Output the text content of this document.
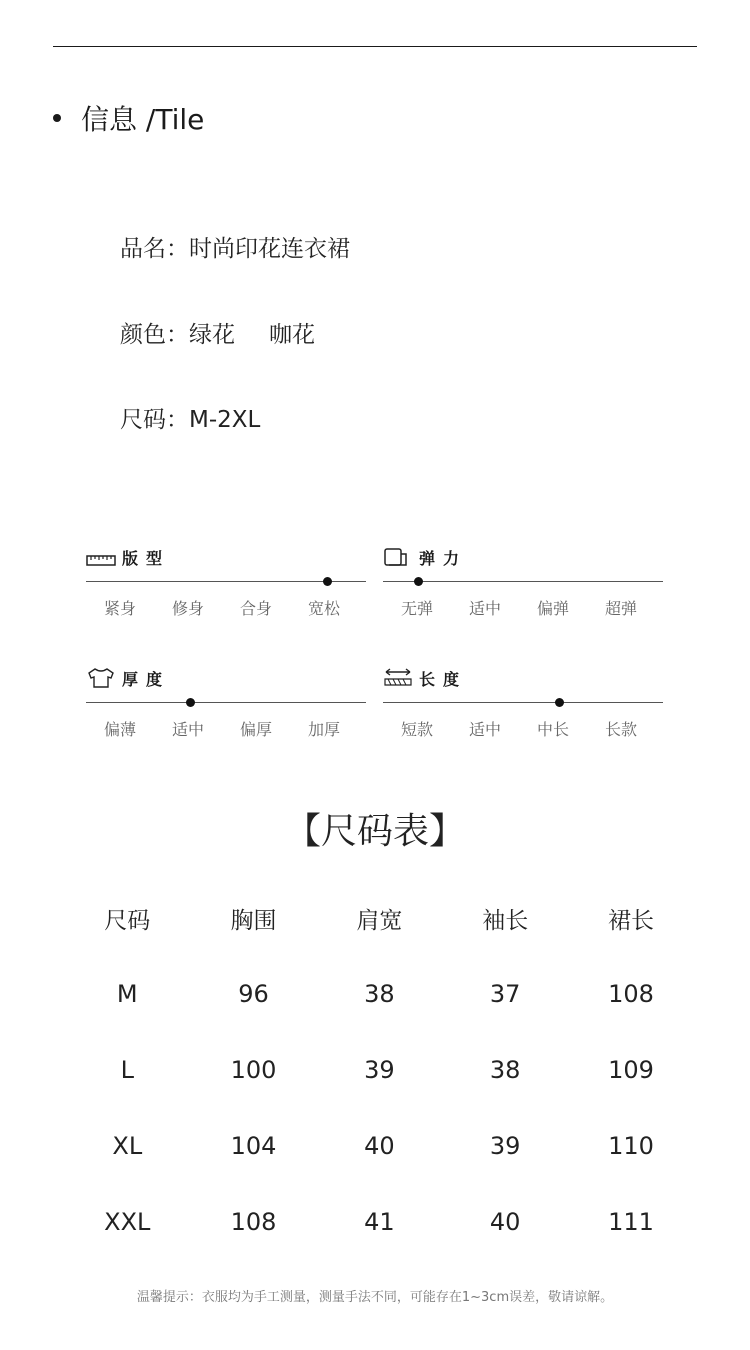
信息 /Tile
品名：时尚印花连衣裙
颜色：绿花 咖花
尺码：M-2XL
版型
紧身	修身	合身	宽松
弹力
无弹	适中	偏弹	超弹
厚度
偏薄	适中	偏厚	加厚
长度
短款	适中	中长	长款
【尺码表】
尺码	胸围	肩宽	袖长	裙长
M	96	38	37	108
L	100	39	38	109
XL	104	40	39	110
XXL	108	41	40	111
温馨提示：衣服均为手工测量，测量手法不同，可能存在1~3cm误差，敬请谅解。
